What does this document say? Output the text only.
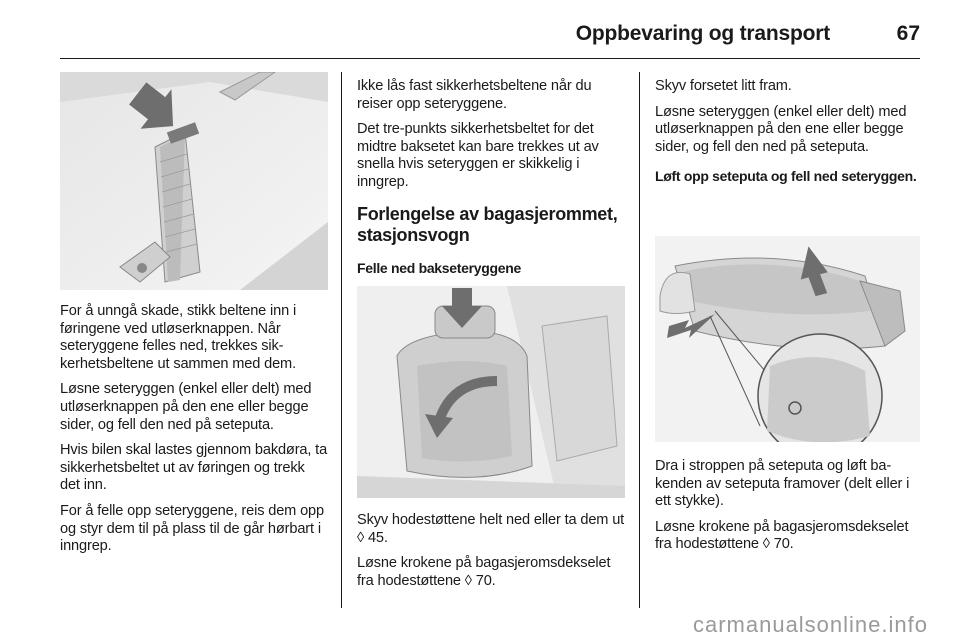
Oppbevaring og transport	67

For å unngå skade, stikk beltene inn i føringene ved utløserknappen. Når seteryggene felles ned, trekkes sikkerhetsbeltene ut sammen med dem.

Løsne seteryggen (enkel eller delt) med utløserknappen på den ene eller begge sider, og fell den ned på seteputa.

Hvis bilen skal lastes gjennom bakdøra, ta sikkerhetsbeltet ut av føringen og trekk det inn.

For å felle opp seteryggene, reis dem opp og styr dem til på plass til de går hørbart i inngrep.

Ikke lås fast sikkerhetsbeltene når du reiser opp seteryggene.

Det tre-punkts sikkerhetsbeltet for det midtre baksetet kan bare trekkes ut av snella hvis seteryggen er skikkelig i inngrep.

Forlengelse av bagasjerommet, stasjonsvogn
Felle ned bakseteryggene

Skyv hodestøttene helt ned eller ta dem ut ◊ 45.

Løsne krokene på bagasjeromsdekselet fra hodestøttene ◊ 70.

Skyv forsetet litt fram.

Løsne seteryggen (enkel eller delt) med utløserknappen på den ene eller begge sider, og fell den ned på seteputa.

Løft opp seteputa og fell ned seteryggen.

Dra i stroppen på seteputa og løft bakenden av seteputa framover (delt eller i ett stykke).

Løsne krokene på bagasjeromsdekselet fra hodestøttene ◊ 70.

carmanualsonline.info
